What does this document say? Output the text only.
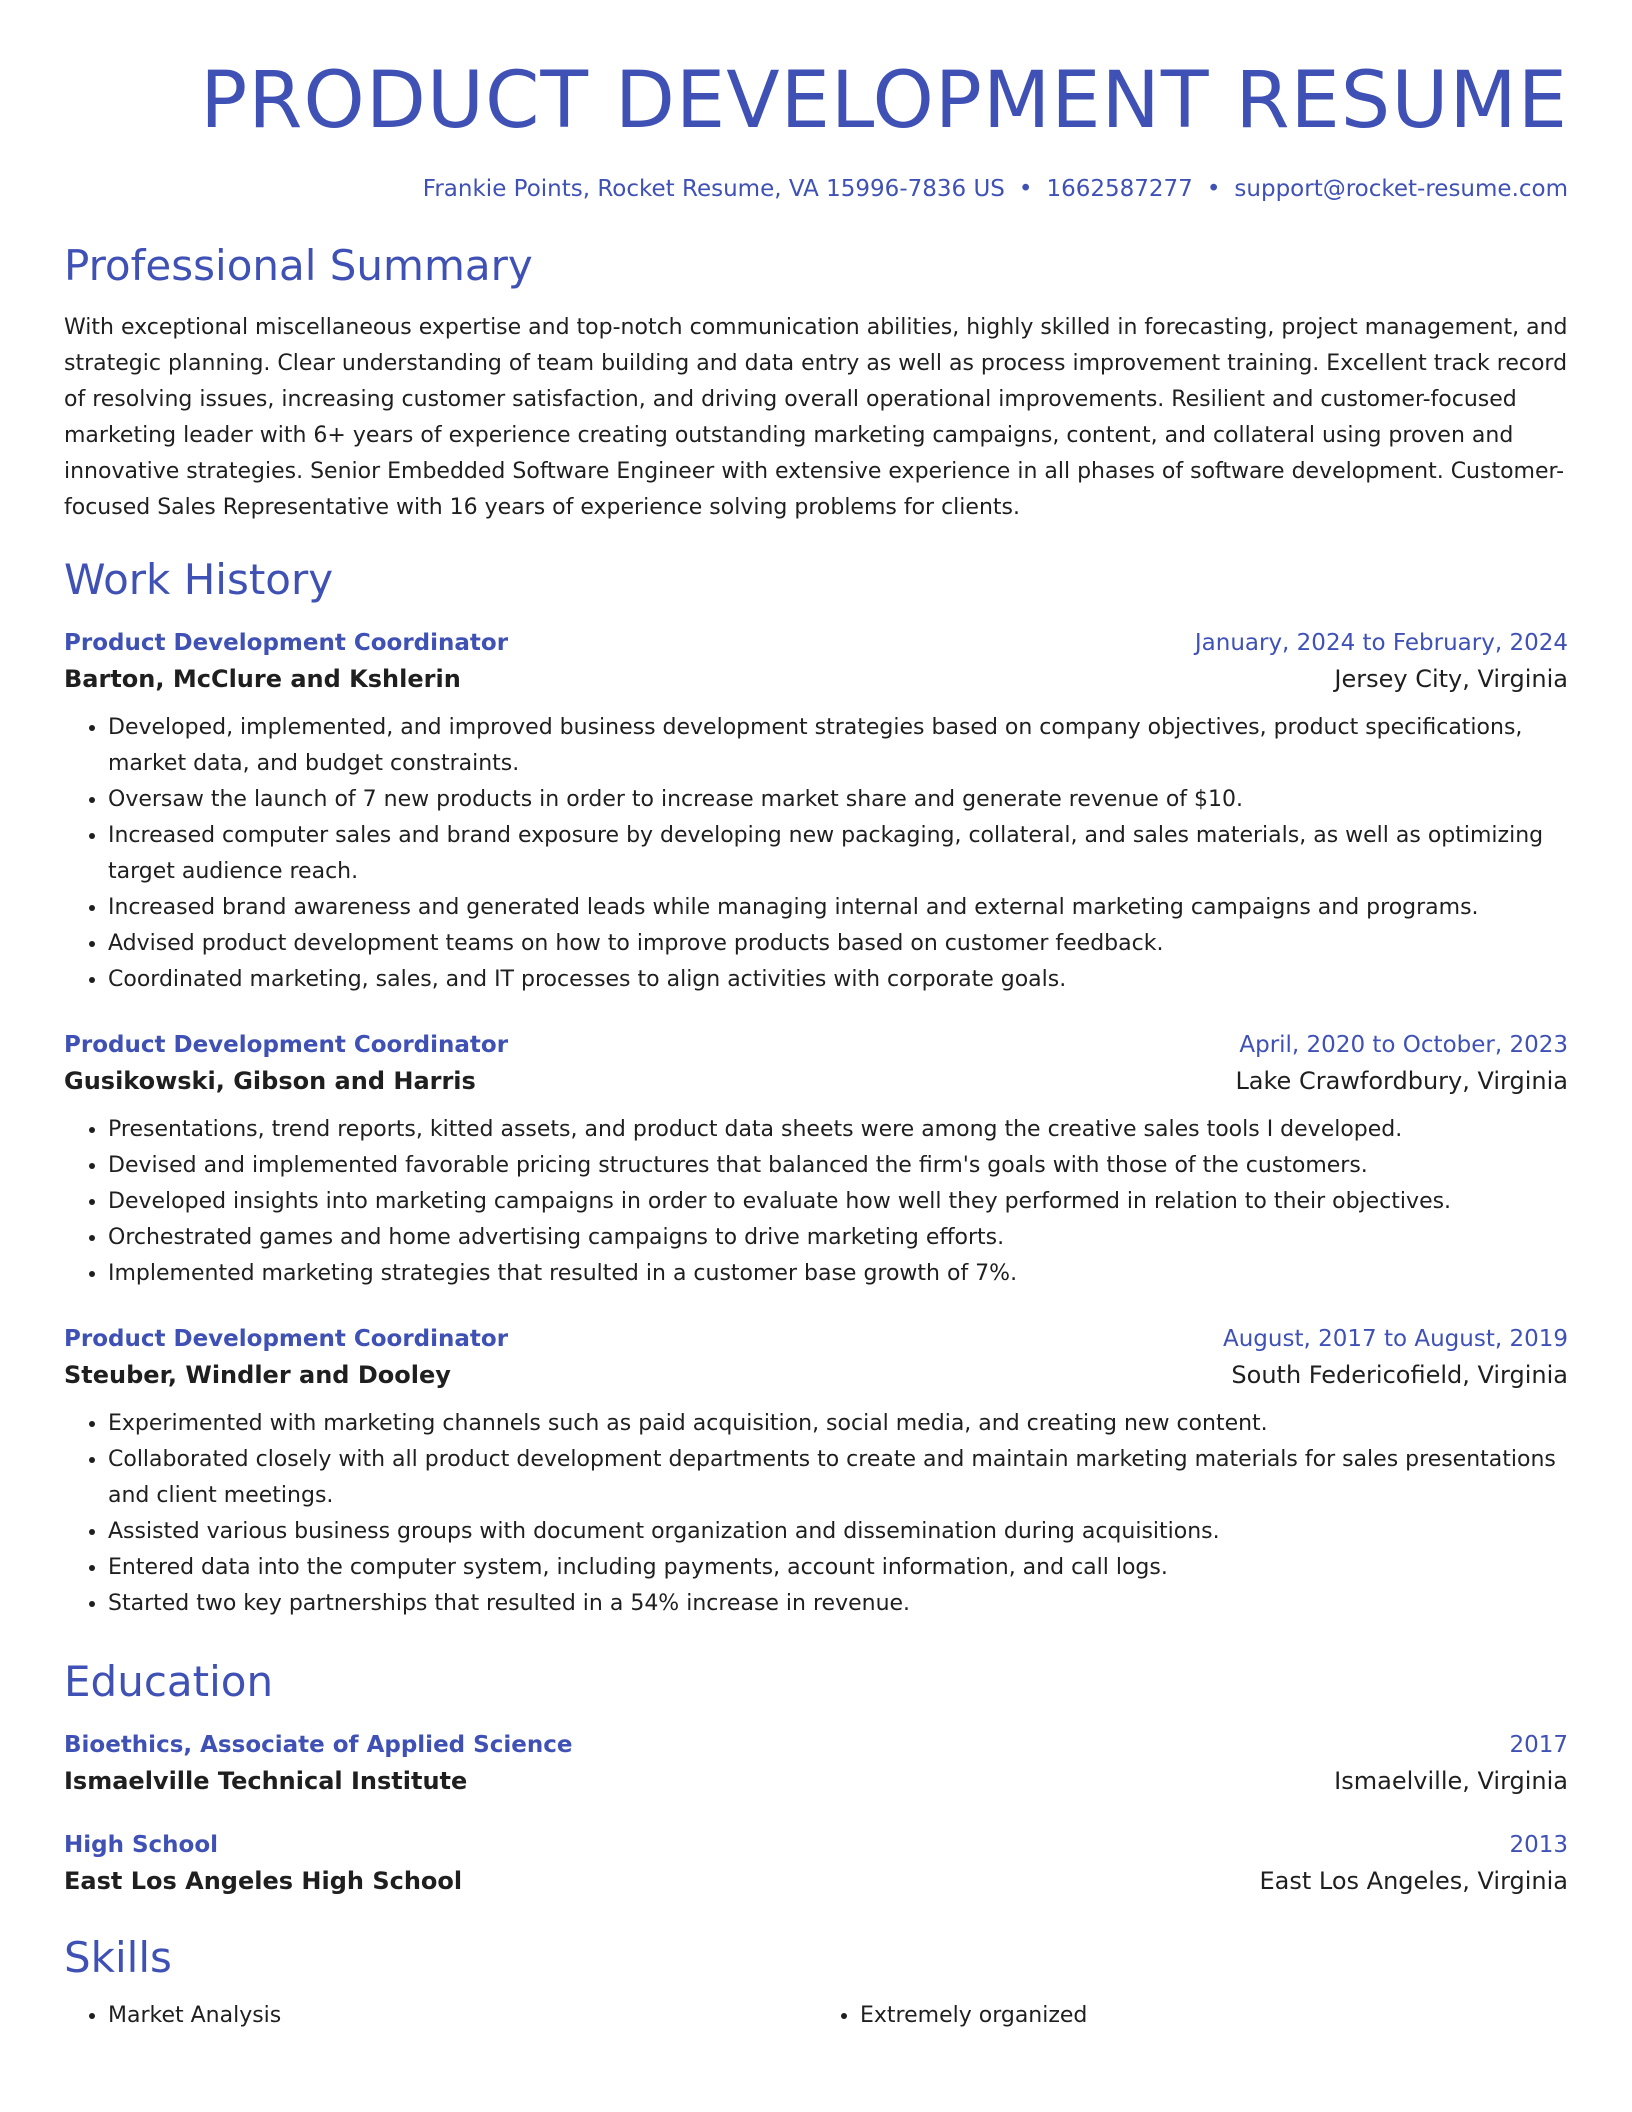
PRODUCT DEVELOPMENT RESUME
Frankie Points, Rocket Resume, VA 15996-7836 US • 1662587277 • support@rocket-resume.com
Professional Summary
With exceptional miscellaneous expertise and top-notch communication abilities, highly skilled in forecasting, project management, and strategic planning. Clear understanding of team building and data entry as well as process improvement training. Excellent track record of resolving issues, increasing customer satisfaction, and driving overall operational improvements. Resilient and customer-focused marketing leader with 6+ years of experience creating outstanding marketing campaigns, content, and collateral using proven and innovative strategies. Senior Embedded Software Engineer with extensive experience in all phases of software development. Customer-focused Sales Representative with 16 years of experience solving problems for clients.
Work History
Product Development Coordinator	January, 2024 to February, 2024
Barton, McClure and Kshlerin	Jersey City, Virginia
• Developed, implemented, and improved business development strategies based on company objectives, product specifications, market data, and budget constraints.
• Oversaw the launch of 7 new products in order to increase market share and generate revenue of $10.
• Increased computer sales and brand exposure by developing new packaging, collateral, and sales materials, as well as optimizing target audience reach.
• Increased brand awareness and generated leads while managing internal and external marketing campaigns and programs.
• Advised product development teams on how to improve products based on customer feedback.
• Coordinated marketing, sales, and IT processes to align activities with corporate goals.
Product Development Coordinator	April, 2020 to October, 2023
Gusikowski, Gibson and Harris	Lake Crawfordbury, Virginia
• Presentations, trend reports, kitted assets, and product data sheets were among the creative sales tools I developed.
• Devised and implemented favorable pricing structures that balanced the firm's goals with those of the customers.
• Developed insights into marketing campaigns in order to evaluate how well they performed in relation to their objectives.
• Orchestrated games and home advertising campaigns to drive marketing efforts.
• Implemented marketing strategies that resulted in a customer base growth of 7%.
Product Development Coordinator	August, 2017 to August, 2019
Steuber, Windler and Dooley	South Federicofield, Virginia
• Experimented with marketing channels such as paid acquisition, social media, and creating new content.
• Collaborated closely with all product development departments to create and maintain marketing materials for sales presentations and client meetings.
• Assisted various business groups with document organization and dissemination during acquisitions.
• Entered data into the computer system, including payments, account information, and call logs.
• Started two key partnerships that resulted in a 54% increase in revenue.
Education
Bioethics, Associate of Applied Science	2017
Ismaelville Technical Institute	Ismaelville, Virginia
High School	2013
East Los Angeles High School	East Los Angeles, Virginia
Skills
• Market Analysis
•	Extremely organized
